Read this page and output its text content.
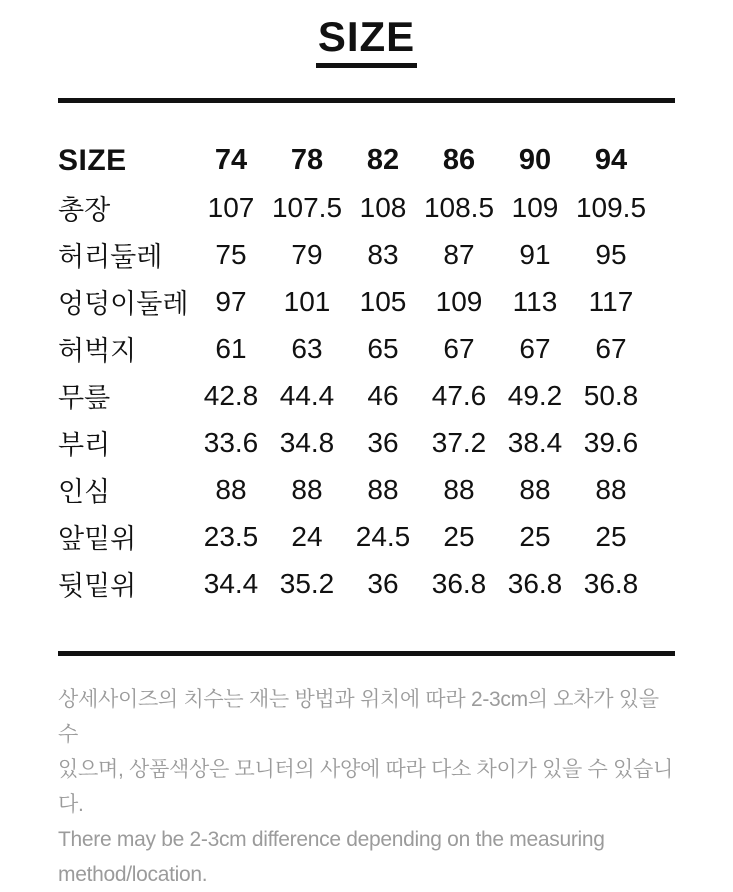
SIZE
SIZE	74	78	82	86	90	94
총장	107	107.5	108	108.5	109	109.5
허리둘레	75	79	83	87	91	95
엉덩이둘레	97	101	105	109	113	117
허벅지	61	63	65	67	67	67
무릎	42.8	44.4	46	47.6	49.2	50.8
부리	33.6	34.8	36	37.2	38.4	39.6
인심	88	88	88	88	88	88
앞밑위	23.5	24	24.5	25	25	25
뒷밑위	34.4	35.2	36	36.8	36.8	36.8
상세사이즈의 치수는 재는 방법과 위치에 따라 2-3cm의 오차가 있을 수
있으며, 상품색상은 모니터의 사양에 따라 다소 차이가 있을 수 있습니다.
There may be 2-3cm difference depending on the measuring
method/location.
